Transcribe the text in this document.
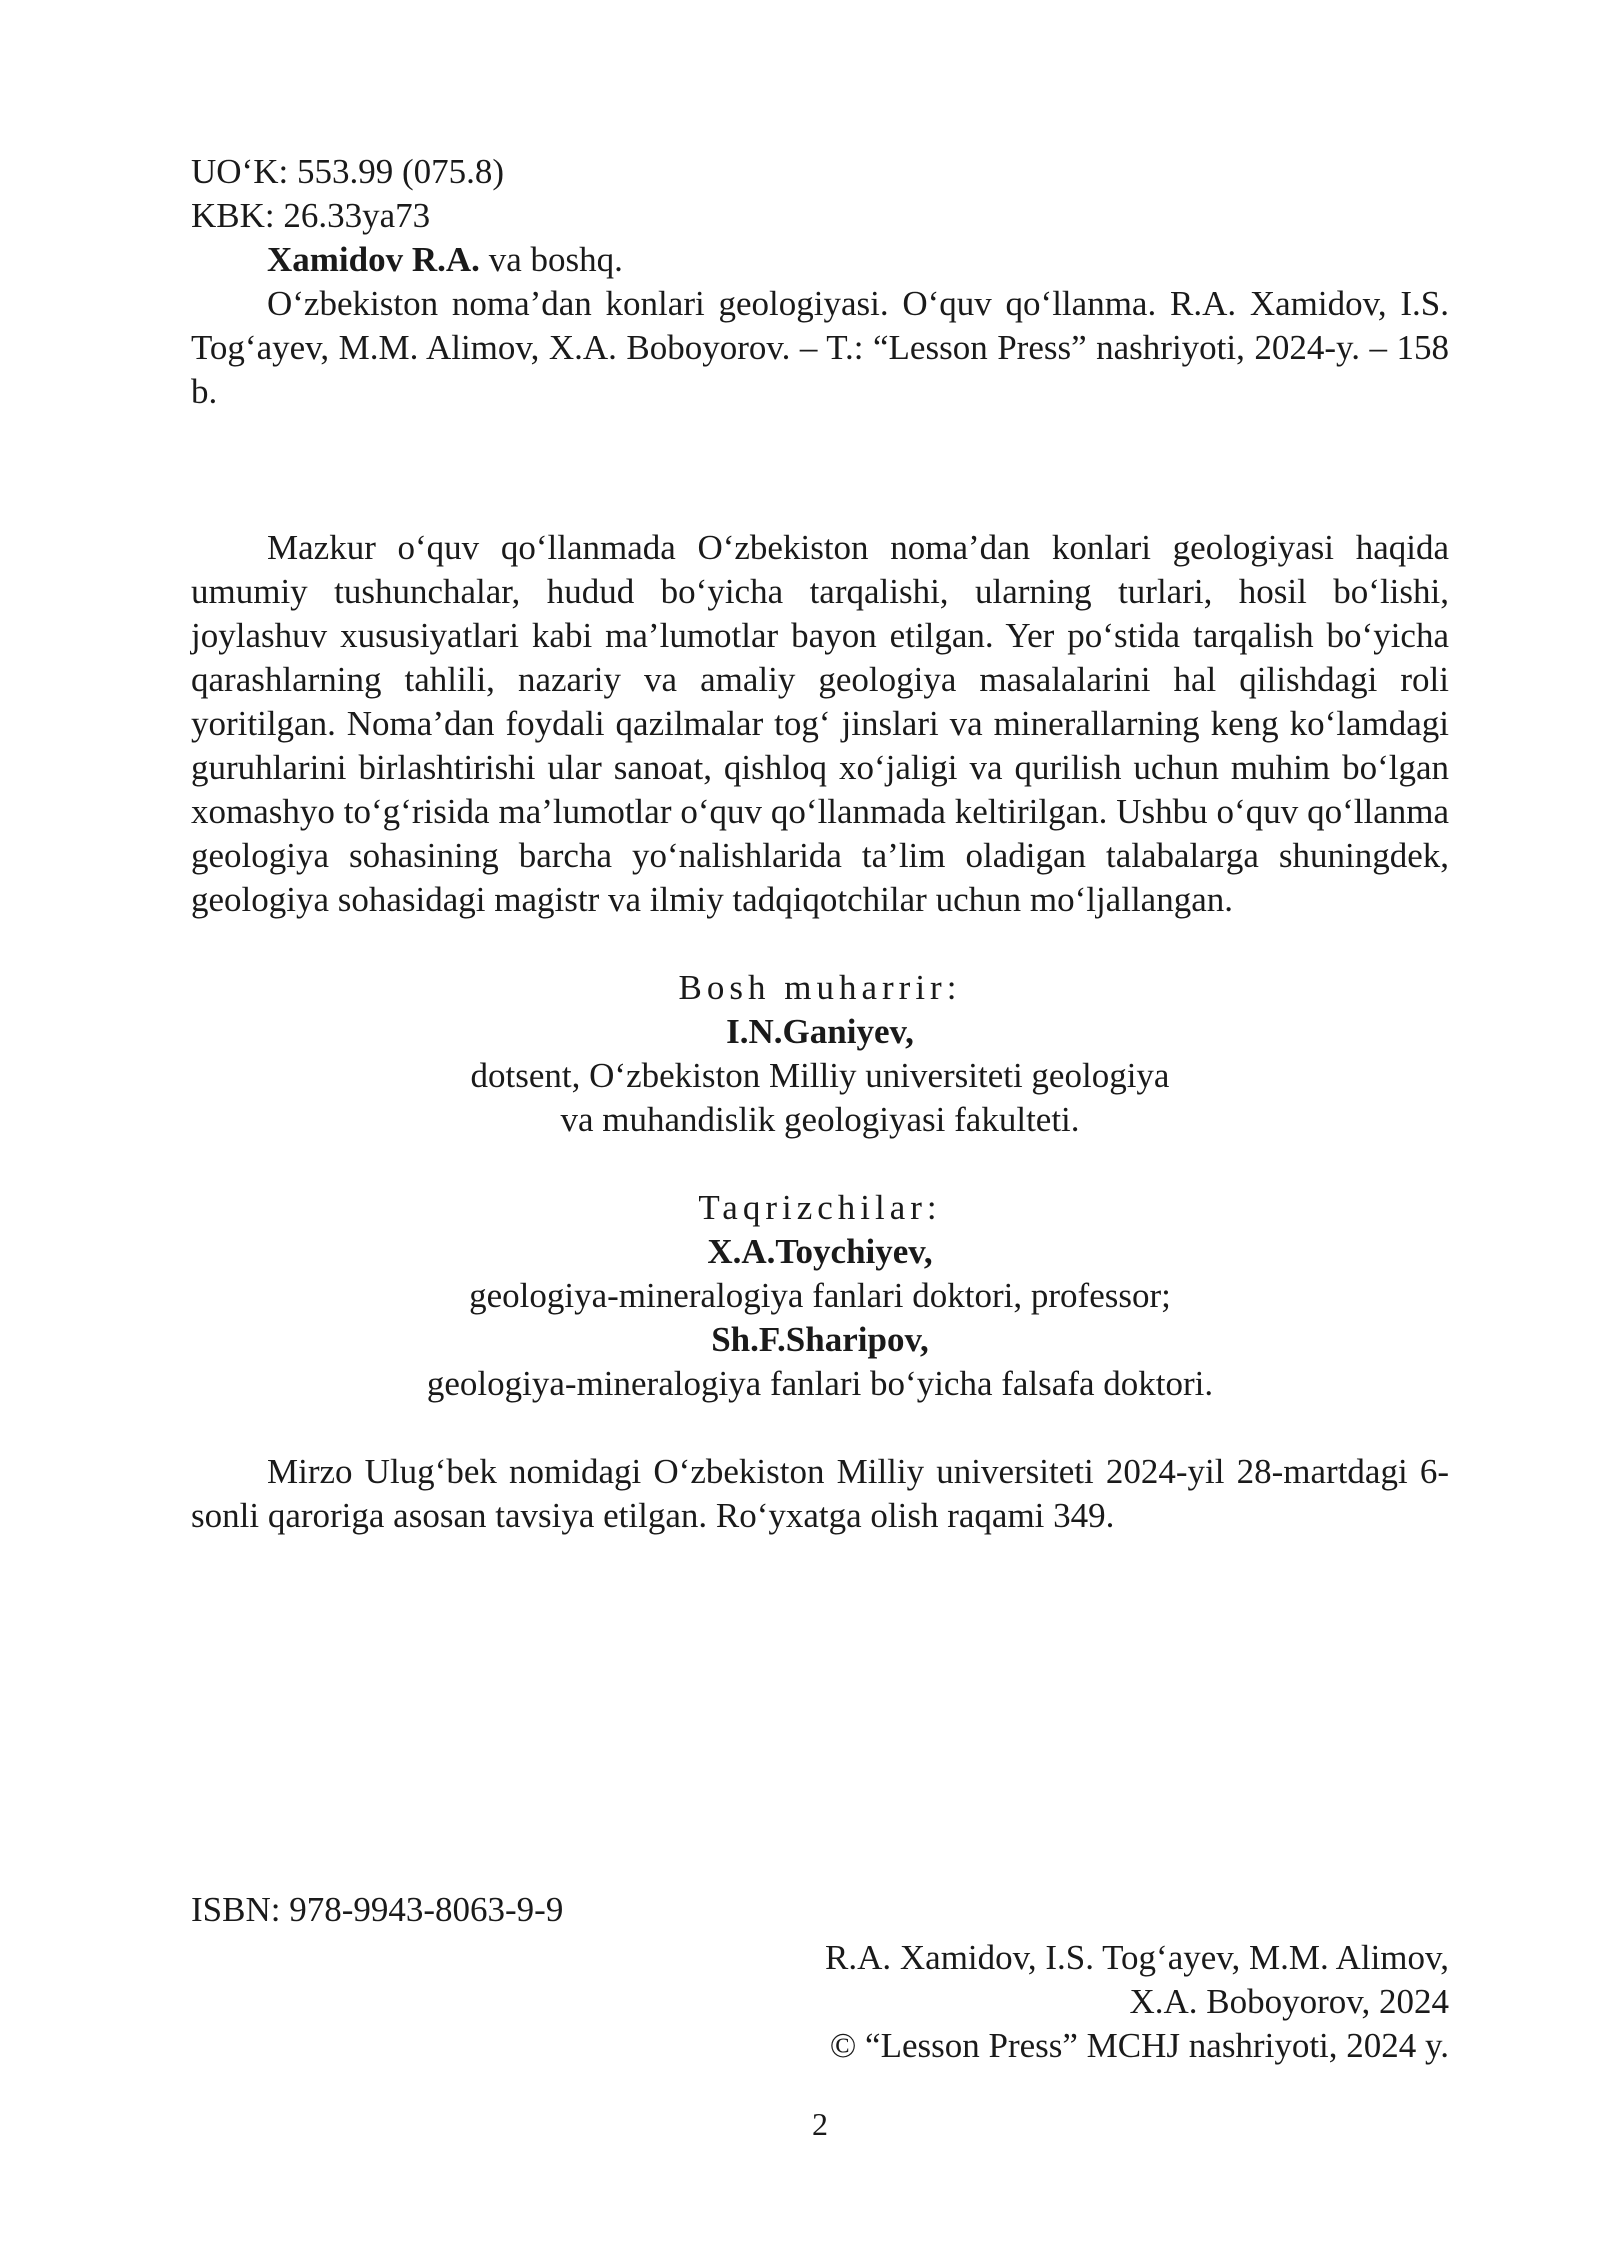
UO‘K: 553.99 (075.8)
KBK: 26.33ya73
Xamidov R.A. va boshq.
O‘zbekiston noma’dan konlari geologiyasi. O‘quv qo‘llanma. R.A. Xamidov, I.S. Tog‘ayev, M.M. Alimov, X.A. Boboyorov. – T.: “Lesson Press” nashriyoti, 2024-y. – 158 b.
Mazkur o‘quv qo‘llanmada O‘zbekiston noma’dan konlari geologiyasi haqida umumiy tushunchalar, hudud bo‘yicha tarqalishi, ularning turlari, hosil bo‘lishi, joylashuv xususiyatlari kabi ma’lumotlar bayon etilgan. Yer po‘stida tarqalish bo‘yicha qarashlarning tahlili, nazariy va amaliy geologiya masalalarini hal qilishdagi roli yoritilgan. Noma’dan foydali qazilmalar tog‘ jinslari va minerallarning keng ko‘lamdagi guruhlarini birlashtirishi ular sanoat, qishloq xo‘jaligi va qurilish uchun muhim bo‘lgan xomashyo to‘g‘risida ma’lumotlar o‘quv qo‘llanmada keltirilgan. Ushbu o‘quv qo‘llanma geologiya sohasining barcha yo‘nalishlarida ta’lim oladigan talabalarga shuningdek, geologiya sohasidagi magistr va ilmiy tadqiqotchilar uchun mo‘ljallangan.
Bosh muharrir:
I.N.Ganiyev,
dotsent, O‘zbekiston Milliy universiteti geologiya
va muhandislik geologiyasi fakulteti.
Taqrizchilar:
X.A.Toychiyev,
geologiya-mineralogiya fanlari doktori, professor;
Sh.F.Sharipov,
geologiya-mineralogiya fanlari bo‘yicha falsafa doktori.
Mirzo Ulug‘bek nomidagi O‘zbekiston Milliy universiteti 2024-yil 28-martdagi 6-sonli qaroriga asosan tavsiya etilgan. Ro‘yxatga olish raqami 349.
ISBN: 978-9943-8063-9-9
R.A. Xamidov, I.S. Tog‘ayev, M.M. Alimov,
X.A. Boboyorov, 2024
© “Lesson Press” MCHJ nashriyoti, 2024 y.
2
